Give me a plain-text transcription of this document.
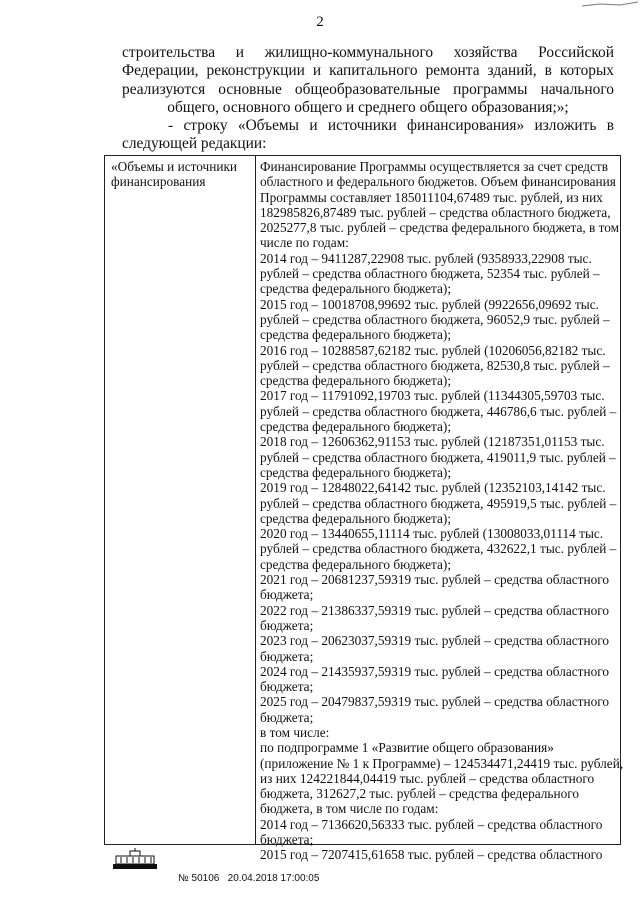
2
строительства и жилищно-коммунального хозяйства Российской
Федерации, реконструкции и капитального ремонта зданий, в которых
реализуются основные общеобразовательные программы начального
общего, основного общего и среднего общего образования;»;
- строку «Объемы и источники финансирования» изложить в
следующей редакции:
«Объемы и источники
финансирования
Финансирование Программы осуществляется за счет средств
областного и федерального бюджетов. Объем финансирования
Программы составляет 185011104,67489 тыс. рублей, из них
182985826,87489 тыс. рублей – средства областного бюджета,
2025277,8 тыс. рублей – средства федерального бюджета, в том
числе по годам:
2014 год – 9411287,22908 тыс. рублей (9358933,22908 тыс.
рублей – средства областного бюджета, 52354 тыс. рублей –
средства федерального бюджета);
2015 год – 10018708,99692 тыс. рублей (9922656,09692 тыс.
рублей – средства областного бюджета, 96052,9 тыс. рублей –
средства федерального бюджета);
2016 год – 10288587,62182 тыс. рублей (10206056,82182 тыс.
рублей – средства областного бюджета, 82530,8 тыс. рублей –
средства федерального бюджета);
2017 год – 11791092,19703 тыс. рублей (11344305,59703 тыс.
рублей – средства областного бюджета, 446786,6 тыс. рублей –
средства федерального бюджета);
2018 год – 12606362,91153 тыс. рублей (12187351,01153 тыс.
рублей – средства областного бюджета, 419011,9 тыс. рублей –
средства федерального бюджета);
2019 год – 12848022,64142 тыс. рублей (12352103,14142 тыс.
рублей – средства областного бюджета, 495919,5 тыс. рублей –
средства федерального бюджета);
2020 год – 13440655,11114 тыс. рублей (13008033,01114 тыс.
рублей – средства областного бюджета, 432622,1 тыс. рублей –
средства федерального бюджета);
2021 год – 20681237,59319 тыс. рублей – средства областного
бюджета;
2022 год – 21386337,59319 тыс. рублей – средства областного
бюджета;
2023 год – 20623037,59319 тыс. рублей – средства областного
бюджета;
2024 год – 21435937,59319 тыс. рублей – средства областного
бюджета;
2025 год – 20479837,59319 тыс. рублей – средства областного
бюджета;
в том числе:
по подпрограмме 1 «Развитие общего образования»
(приложение № 1 к Программе) – 124534471,24419 тыс. рублей,
из них 124221844,04419 тыс. рублей – средства областного
бюджета, 312627,2 тыс. рублей – средства федерального
бюджета, в том числе по годам:
2014 год – 7136620,56333 тыс. рублей – средства областного
бюджета;
2015 год – 7207415,61658 тыс. рублей – средства областного
№ 50106 20.04.2018 17:00:05
